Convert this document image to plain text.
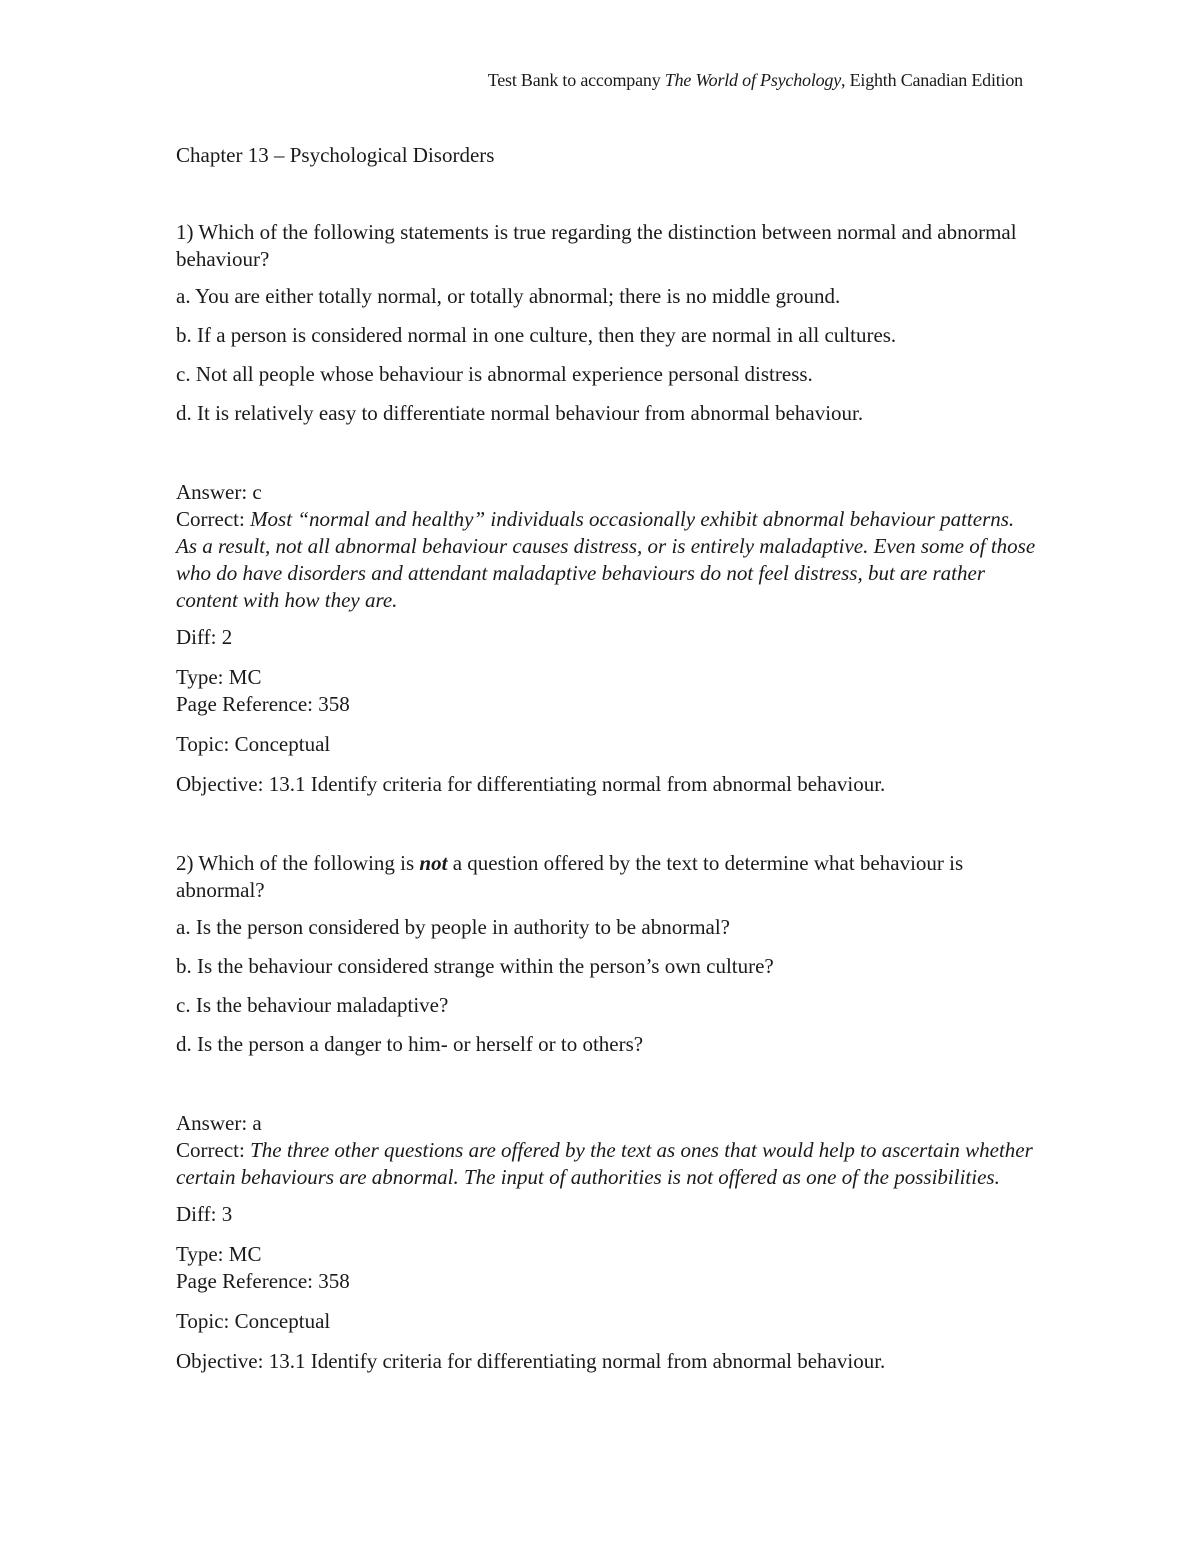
Test Bank to accompany The World of Psychology, Eighth Canadian Edition

Chapter 13 – Psychological Disorders

1) Which of the following statements is true regarding the distinction between normal and abnormal behaviour?

a. You are either totally normal, or totally abnormal; there is no middle ground.

b. If a person is considered normal in one culture, then they are normal in all cultures.

c. Not all people whose behaviour is abnormal experience personal distress.

d. It is relatively easy to differentiate normal behaviour from abnormal behaviour.

Answer: c

Correct: Most “normal and healthy” individuals occasionally exhibit abnormal behaviour patterns. As a result, not all abnormal behaviour causes distress, or is entirely maladaptive. Even some of those who do have disorders and attendant maladaptive behaviours do not feel distress, but are rather content with how they are.

Diff: 2

Type: MC

Page Reference: 358

Topic: Conceptual

Objective: 13.1 Identify criteria for differentiating normal from abnormal behaviour.

2) Which of the following is not a question offered by the text to determine what behaviour is abnormal?

a. Is the person considered by people in authority to be abnormal?

b. Is the behaviour considered strange within the person’s own culture?

c. Is the behaviour maladaptive?

d. Is the person a danger to him- or herself or to others?

Answer: a

Correct: The three other questions are offered by the text as ones that would help to ascertain whether certain behaviours are abnormal. The input of authorities is not offered as one of the possibilities.

Diff: 3

Type: MC

Page Reference: 358

Topic: Conceptual

Objective: 13.1 Identify criteria for differentiating normal from abnormal behaviour.
